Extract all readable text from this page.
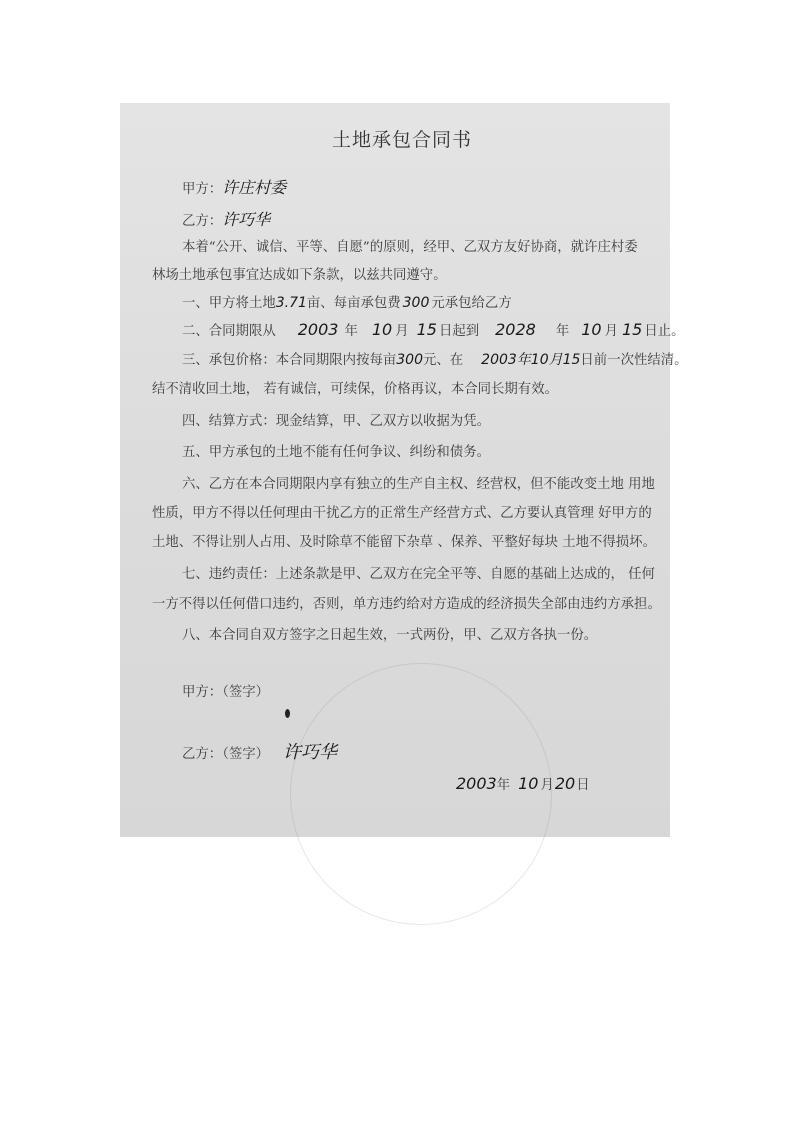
土地承包合同书
甲方：许庄村委
乙方：许巧华
本着“公开、诚信、平等、自愿”的原则，经甲、乙双方友好协商，就许庄村委
林场土地承包事宜达成如下条款，以兹共同遵守。
一、甲方将土地3.71亩、每亩承包费 300 元承包给乙方
二、合同期限从 2003 年 10 月 15 日起到 2028 年 10 月 15 日止。
三、承包价格：本合同期限内按每亩300元、在 2003年10月15日前一次性结清。
结不清收回土地， 若有诚信，可续保，价格再议，本合同长期有效。
四、结算方式：现金结算，甲、乙双方以收据为凭。
五、甲方承包的土地不能有任何争议、纠纷和债务。
六、乙方在本合同期限内享有独立的生产自主权、经营权，但不能改变土地 用地
性质，甲方不得以任何理由干扰乙方的正常生产经营方式、乙方要认真管理 好甲方的
土地、不得让别人占用、及时除草不能留下杂草 、保养、平整好每块 土地不得损坏。
七、违约责任：上述条款是甲、乙双方在完全平等、自愿的基础上达成的， 任何
一方不得以任何借口违约，否则，单方违约给对方造成的经济损失全部由违约方承担。
八、本合同自双方签字之日起生效，一式两份，甲、乙双方各执一份。
甲方：（签字）
乙方：（签字） 许巧华
2003年 10 月20日
